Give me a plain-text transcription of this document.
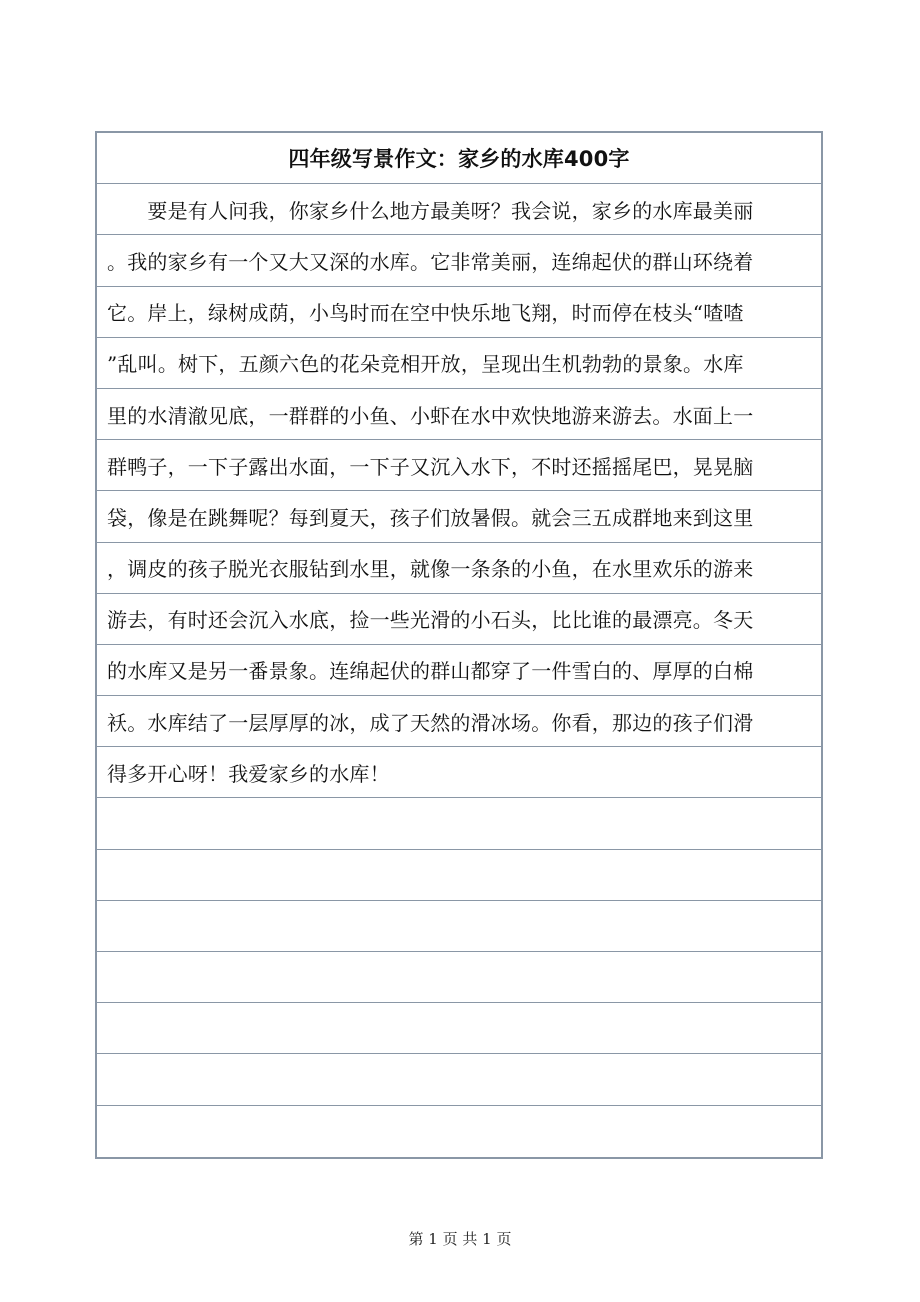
四年级写景作文：家乡的水库400字
　　要是有人问我，你家乡什么地方最美呀？我会说，家乡的水库最美丽
。我的家乡有一个又大又深的水库。它非常美丽，连绵起伏的群山环绕着
它。岸上，绿树成荫，小鸟时而在空中快乐地飞翔，时而停在枝头“喳喳
”乱叫。树下，五颜六色的花朵竞相开放，呈现出生机勃勃的景象。水库
里的水清澈见底，一群群的小鱼、小虾在水中欢快地游来游去。水面上一
群鸭子，一下子露出水面，一下子又沉入水下，不时还摇摇尾巴，晃晃脑
袋，像是在跳舞呢？每到夏天，孩子们放暑假。就会三五成群地来到这里
，调皮的孩子脱光衣服钻到水里，就像一条条的小鱼，在水里欢乐的游来
游去，有时还会沉入水底，捡一些光滑的小石头，比比谁的最漂亮。冬天
的水库又是另一番景象。连绵起伏的群山都穿了一件雪白的、厚厚的白棉
袄。水库结了一层厚厚的冰，成了天然的滑冰场。你看，那边的孩子们滑
得多开心呀！我爱家乡的水库！
第 1 页 共 1 页
